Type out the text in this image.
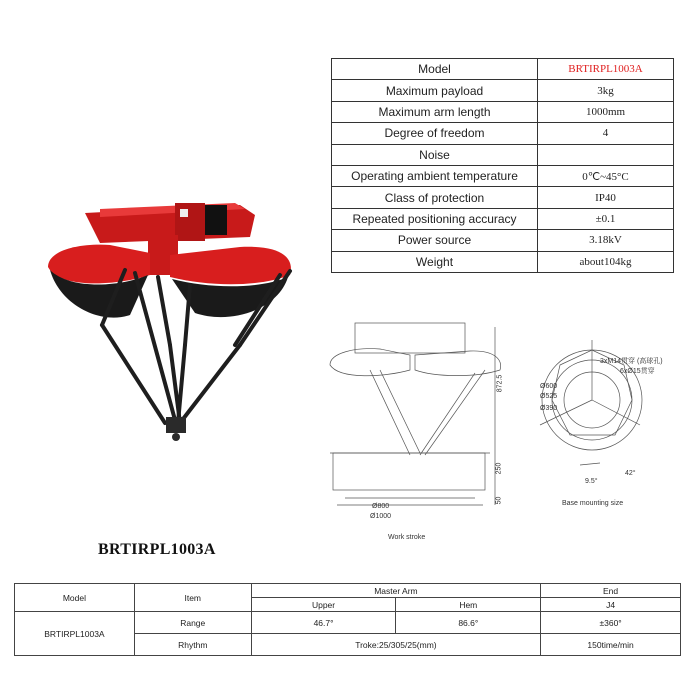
Model	BRTIRPL1003A
Maximum payload	3kg
Maximum arm length	1000mm
Degree of freedom	4
Noise	
Operating ambient temperature	0℃~45°C
Class of protection	IP40
Repeated positioning accuracy	±0.1
Power source	3.18kV
Weight	about104kg
BRTIRPL1003A
872.5
250
50
Ø800
Ø1000
Work stroke
3xM14贯穿 (高球孔)
6xØ15贯穿
Ø600
Ø525
Ø390
42°
9.5°
Base mounting size
Model	Item	Master Arm		End
		Upper	Hem	J4
BRTIRPL1003A	Range	46.7°	86.6°	±360°
	Rhythm	Troke:25/305/25(mm)		150time/min
